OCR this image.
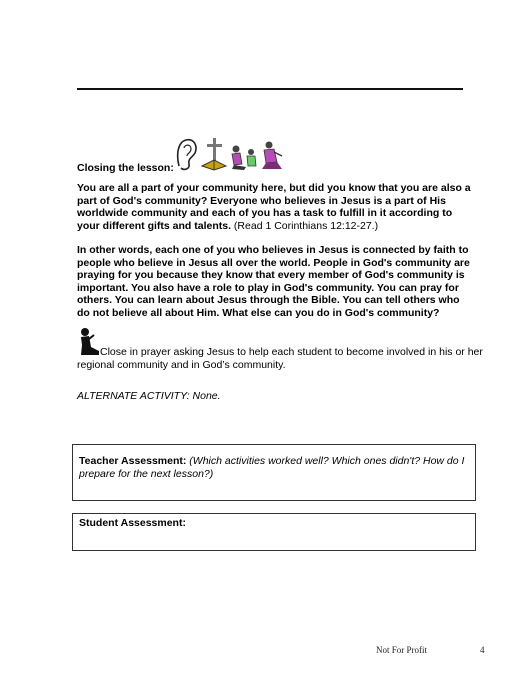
Closing the lesson:

You are all a part of your community here, but did you know that you are also a part of God's community? Everyone who believes in Jesus is a part of His worldwide community and each of you has a task to fulfill in it according to your different gifts and talents. (Read 1 Corinthians 12:12-27.)

In other words, each one of you who believes in Jesus is connected by faith to people who believe in Jesus all over the world. People in God's community are praying for you because they know that every member of God's community is important. You also have a role to play in God's community. You can pray for others. You can learn about Jesus through the Bible. You can tell others who do not believe all about Him. What else can you do in God's community?

Close in prayer asking Jesus to help each student to become involved in his or her
regional community and in God’s community.
ALTERNATE ACTIVITY: None.
Teacher Assessment: (Which activities worked well? Which ones didn't? How do I prepare for the next lesson?)
Student Assessment:
Not For Profit	4
